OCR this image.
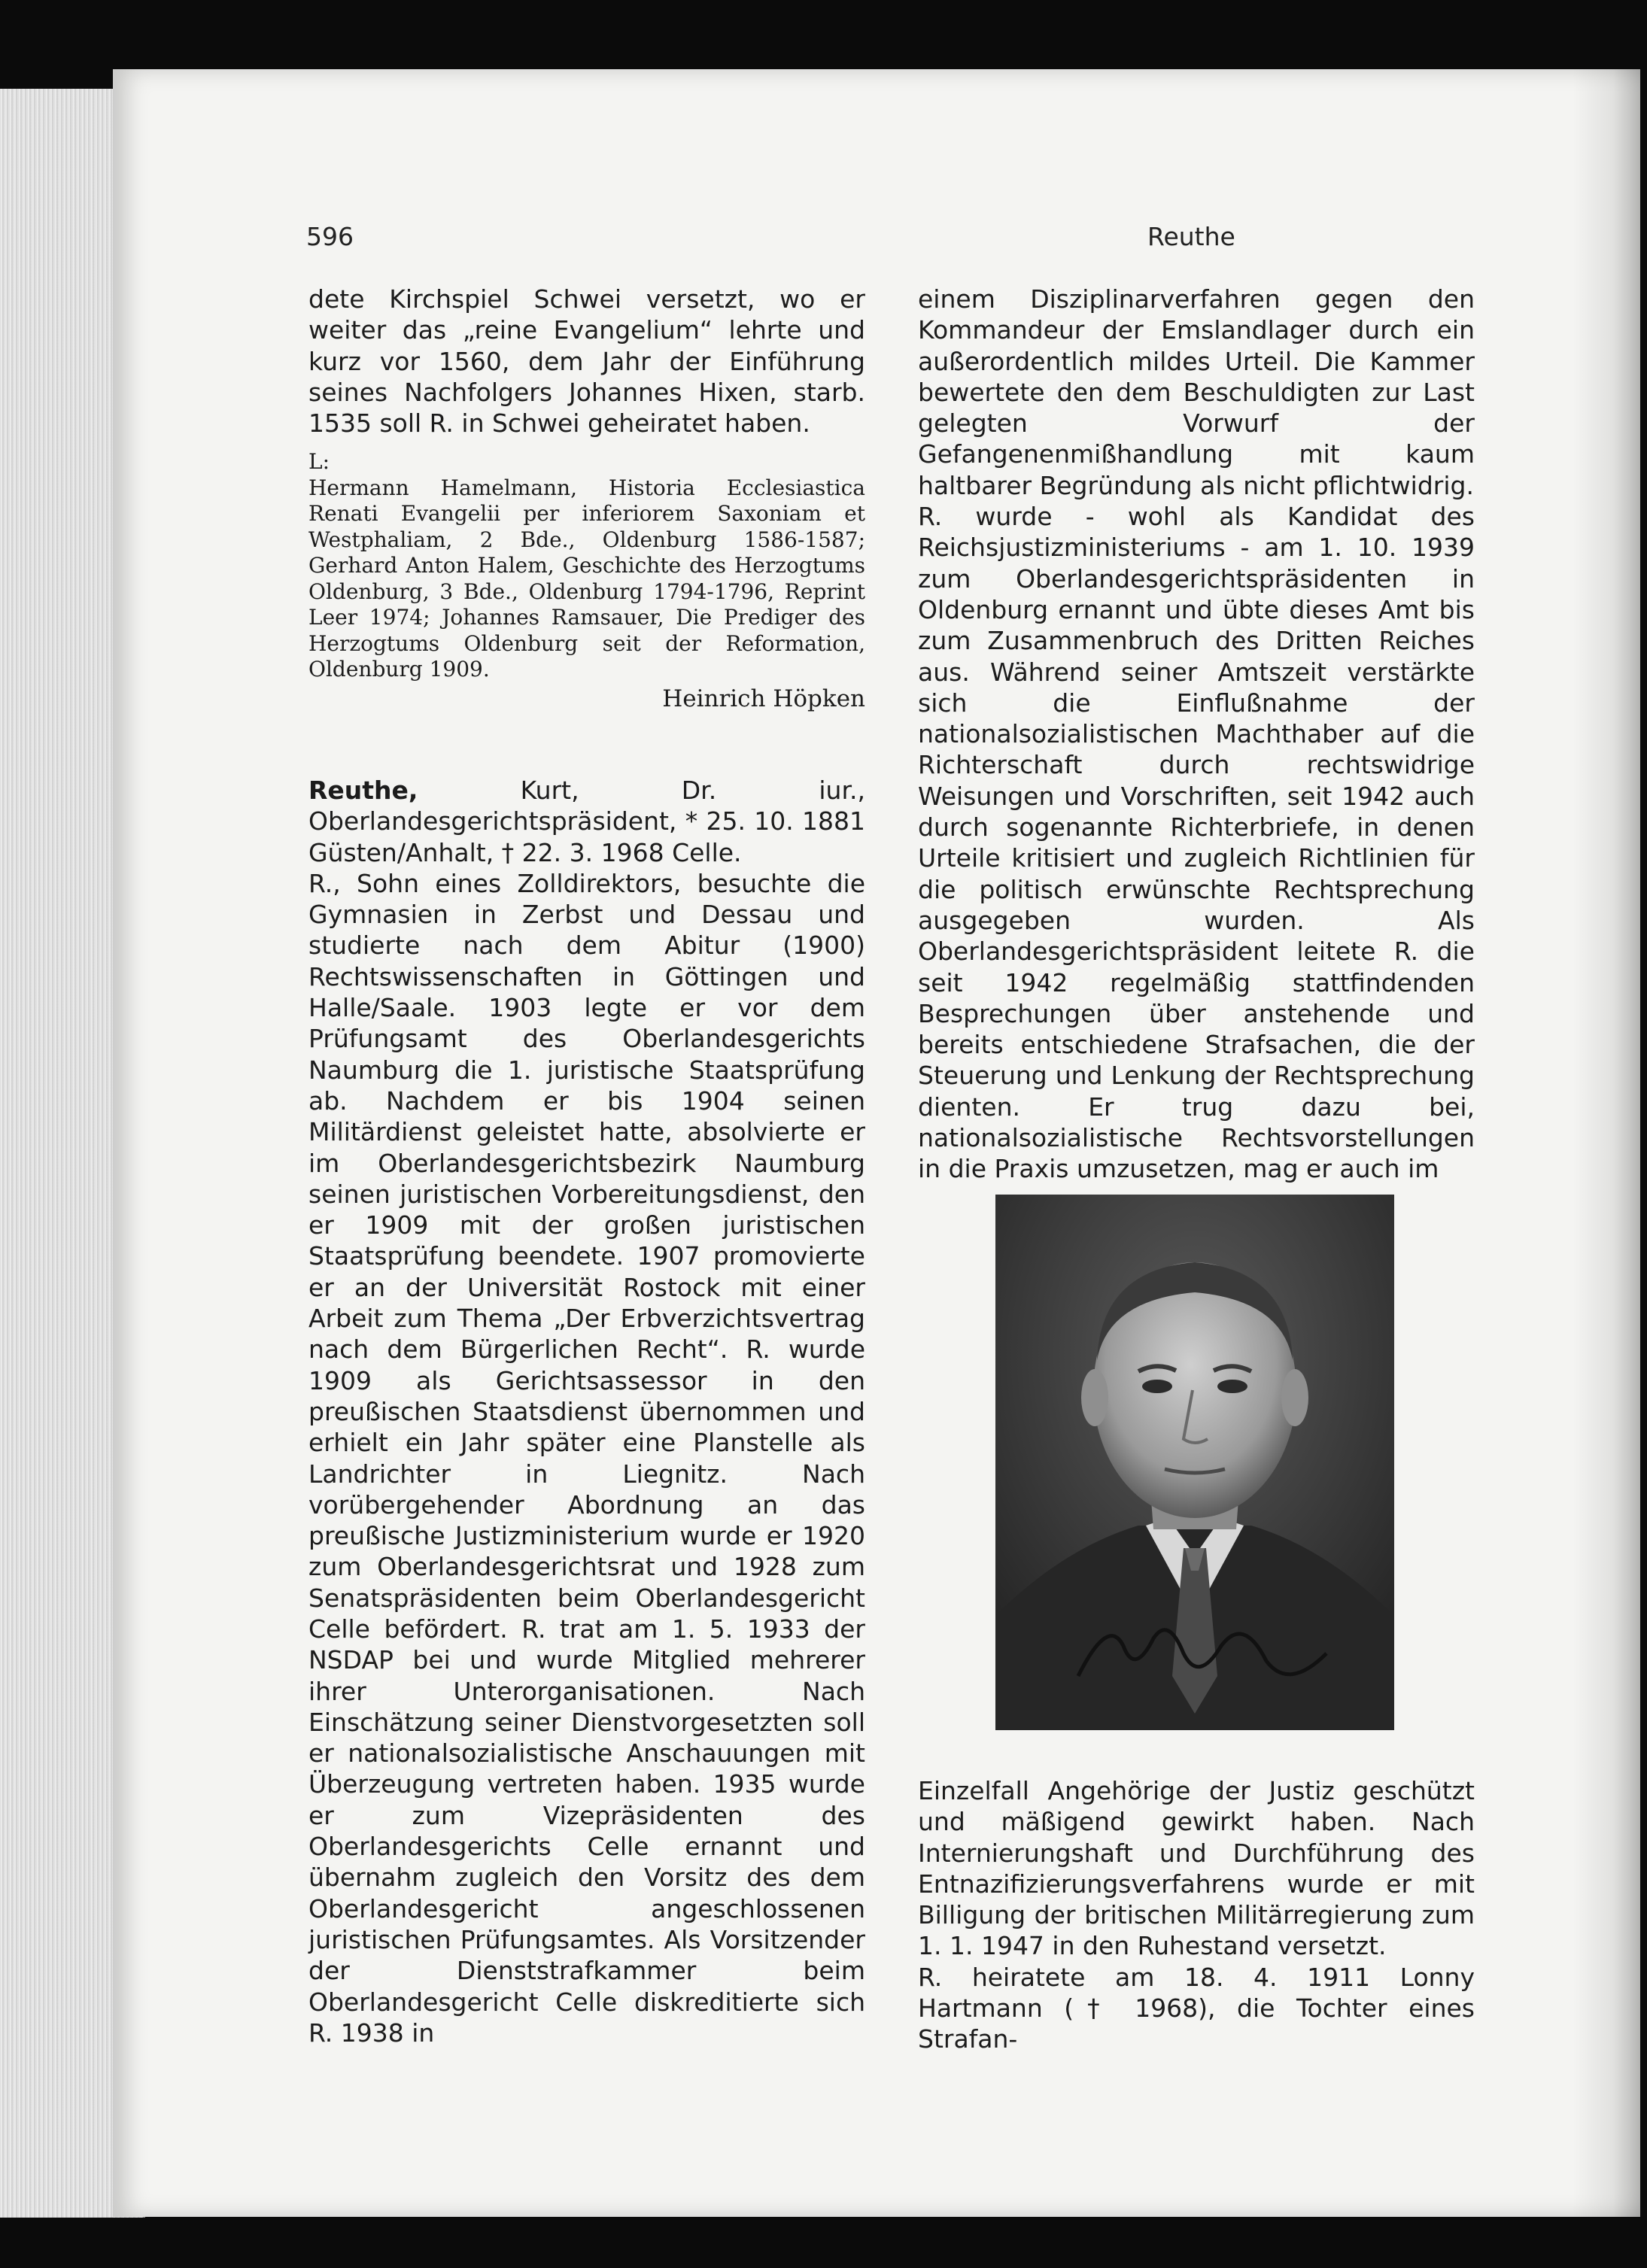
596	Reuthe

dete Kirchspiel Schwei versetzt, wo er weiter das „reine Evangelium“ lehrte und kurz vor 1560, dem Jahr der Einführung seines Nachfolgers Johannes Hixen, starb. 1535 soll R. in Schwei geheiratet haben.

L:

Hermann Hamelmann, Historia Ecclesiastica Renati Evangelii per inferiorem Saxoniam et Westphaliam, 2 Bde., Oldenburg 1586-1587; Gerhard Anton Halem, Geschichte des Herzogtums Oldenburg, 3 Bde., Oldenburg 1794-1796, Reprint Leer 1974; Johannes Ramsauer, Die Prediger des Herzogtums Oldenburg seit der Reformation, Oldenburg 1909.

Heinrich Höpken

Reuthe, Kurt, Dr. iur., Oberlandesgerichtspräsident, * 25. 10. 1881 Güsten/Anhalt, † 22. 3. 1968 Celle.

R., Sohn eines Zolldirektors, besuchte die Gymnasien in Zerbst und Dessau und studierte nach dem Abitur (1900) Rechtswissenschaften in Göttingen und Halle/Saale. 1903 legte er vor dem Prüfungsamt des Oberlandesgerichts Naumburg die 1. juristische Staatsprüfung ab. Nachdem er bis 1904 seinen Militärdienst geleistet hatte, absolvierte er im Oberlandesgerichtsbezirk Naumburg seinen juristischen Vorbereitungsdienst, den er 1909 mit der großen juristischen Staatsprüfung beendete. 1907 promovierte er an der Universität Rostock mit einer Arbeit zum Thema „Der Erbverzichtsvertrag nach dem Bürgerlichen Recht“. R. wurde 1909 als Gerichtsassessor in den preußischen Staatsdienst übernommen und erhielt ein Jahr später eine Planstelle als Landrichter in Liegnitz. Nach vorübergehender Abordnung an das preußische Justizministerium wurde er 1920 zum Oberlandesgerichtsrat und 1928 zum Senatspräsidenten beim Oberlandesgericht Celle befördert. R. trat am 1. 5. 1933 der NSDAP bei und wurde Mitglied mehrerer ihrer Unterorganisationen. Nach Einschätzung seiner Dienstvorgesetzten soll er nationalsozialistische Anschauungen mit Überzeugung vertreten haben. 1935 wurde er zum Vizepräsidenten des Oberlandesgerichts Celle ernannt und übernahm zugleich den Vorsitz des dem Oberlandesgericht angeschlossenen juristischen Prüfungsamtes. Als Vorsitzender der Dienststrafkammer beim Oberlandesgericht Celle diskreditierte sich R. 1938 in

einem Disziplinarverfahren gegen den Kommandeur der Emslandlager durch ein außerordentlich mildes Urteil. Die Kammer bewertete den dem Beschuldigten zur Last gelegten Vorwurf der Gefangenenmißhandlung mit kaum haltbarer Begründung als nicht pflichtwidrig.

R. wurde - wohl als Kandidat des Reichsjustizministeriums - am 1. 10. 1939 zum Oberlandesgerichtspräsidenten in Oldenburg ernannt und übte dieses Amt bis zum Zusammenbruch des Dritten Reiches aus. Während seiner Amtszeit verstärkte sich die Einflußnahme der nationalsozialistischen Machthaber auf die Richterschaft durch rechtswidrige Weisungen und Vorschriften, seit 1942 auch durch sogenannte Richterbriefe, in denen Urteile kritisiert und zugleich Richtlinien für die politisch erwünschte Rechtsprechung ausgegeben wurden. Als Oberlandesgerichtspräsident leitete R. die seit 1942 regelmäßig stattfindenden Besprechungen über anstehende und bereits entschiedene Strafsachen, die der Steuerung und Lenkung der Rechtsprechung dienten. Er trug dazu bei, nationalsozialistische Rechtsvorstellungen in die Praxis umzusetzen, mag er auch im

Einzelfall Angehörige der Justiz geschützt und mäßigend gewirkt haben. Nach Internierungshaft und Durchführung des Entnazifizierungsverfahrens wurde er mit Billigung der britischen Militärregierung zum 1. 1. 1947 in den Ruhestand versetzt.

R. heiratete am 18. 4. 1911 Lonny Hartmann († 1968), die Tochter eines Strafan-
